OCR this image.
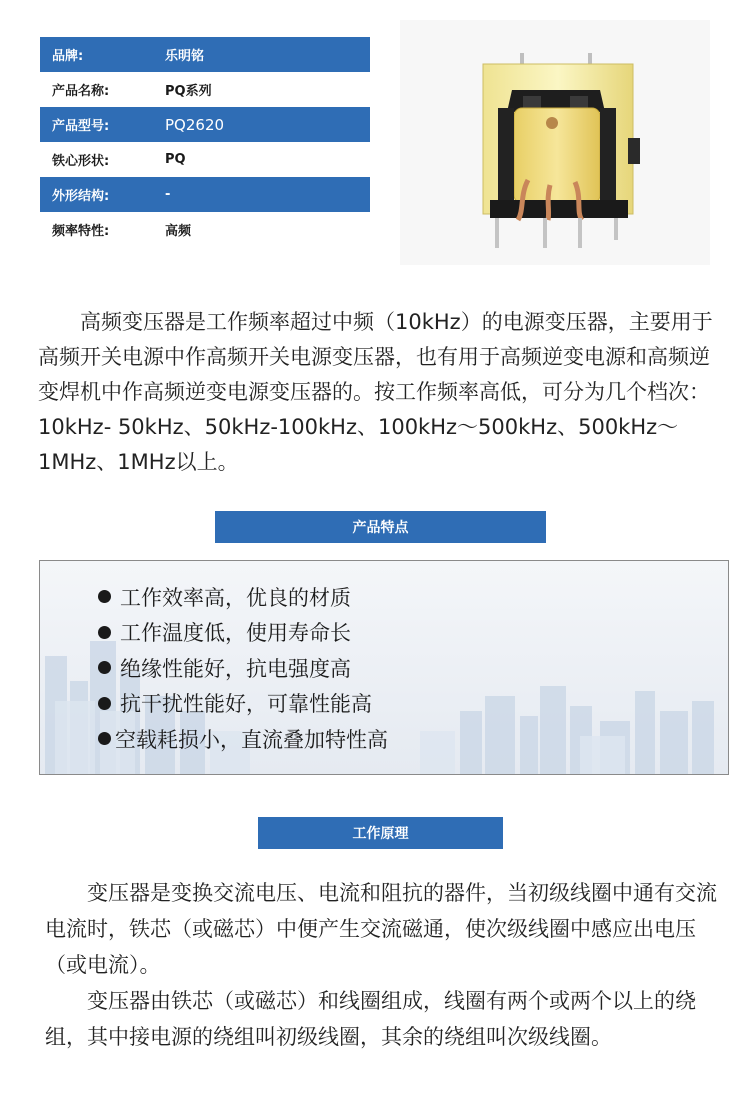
品牌:	乐明铭
产品名称:	PQ系列
产品型号:	PQ2620
铁心形状:	PQ
外形结构:	-
频率特性:	高频

高频变压器是工作频率超过中频（10kHz）的电源变压器，主要用于高频开关电源中作高频开关电源变压器，也有用于高频逆变电源和高频逆变焊机中作高频逆变电源变压器的。按工作频率高低，可分为几个档次：10kHz- 50kHz、50kHz-100kHz、100kHz～500kHz、500kHz～1MHz、1MHz以上。

产品特点
工作效率高，优良的材质
工作温度低，使用寿命长
绝缘性能好，抗电强度高
抗干扰性能好，可靠性能高
空载耗损小，直流叠加特性高
工作原理

变压器是变换交流电压、电流和阻抗的器件，当初级线圈中通有交流电流时，铁芯（或磁芯）中便产生交流磁通，使次级线圈中感应出电压（或电流）。

变压器由铁芯（或磁芯）和线圈组成，线圈有两个或两个以上的绕组，其中接电源的绕组叫初级线圈，其余的绕组叫次级线圈。
